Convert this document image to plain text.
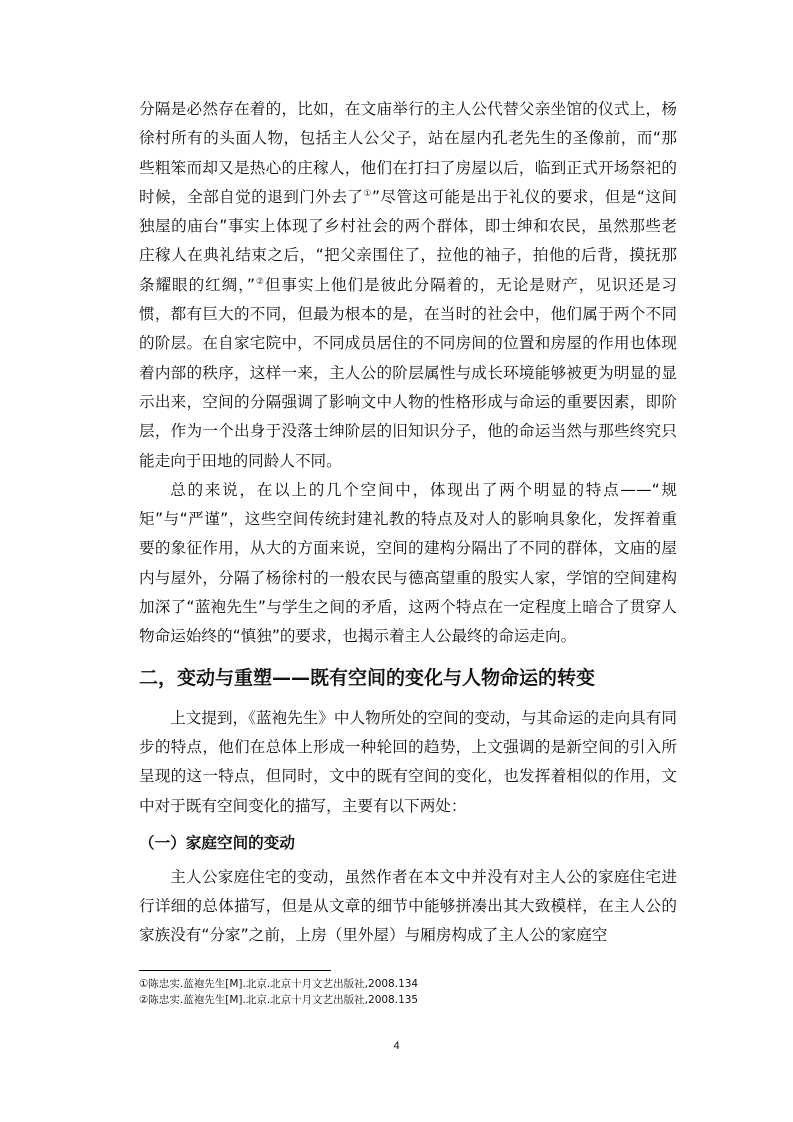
分隔是必然存在着的，比如，在文庙举行的主人公代替父亲坐馆的仪式上，杨徐村所有的头面人物，包括主人公父子，站在屋内孔老先生的圣像前，而“那些粗笨而却又是热心的庄稼人，他们在打扫了房屋以后，临到正式开场祭祀的时候，全部自觉的退到门外去了①”尽管这可能是出于礼仪的要求，但是“这间独屋的庙台”事实上体现了乡村社会的两个群体，即士绅和农民，虽然那些老庄稼人在典礼结束之后，“把父亲围住了，拉他的袖子，拍他的后背，摸抚那条耀眼的红绸，”②但事实上他们是彼此分隔着的，无论是财产，见识还是习惯，都有巨大的不同，但最为根本的是，在当时的社会中，他们属于两个不同的阶层。在自家宅院中，不同成员居住的不同房间的位置和房屋的作用也体现着内部的秩序，这样一来，主人公的阶层属性与成长环境能够被更为明显的显示出来，空间的分隔强调了影响文中人物的性格形成与命运的重要因素，即阶层，作为一个出身于没落士绅阶层的旧知识分子，他的命运当然与那些终究只能走向于田地的同龄人不同。

总的来说，在以上的几个空间中，体现出了两个明显的特点——“规矩”与“严谨”，这些空间传统封建礼教的特点及对人的影响具象化，发挥着重要的象征作用，从大的方面来说，空间的建构分隔出了不同的群体，文庙的屋内与屋外，分隔了杨徐村的一般农民与德高望重的殷实人家，学馆的空间建构加深了“蓝袍先生”与学生之间的矛盾，这两个特点在一定程度上暗合了贯穿人物命运始终的“慎独”的要求，也揭示着主人公最终的命运走向。

二，变动与重塑——既有空间的变化与人物命运的转变

上文提到，《蓝袍先生》中人物所处的空间的变动，与其命运的走向具有同步的特点，他们在总体上形成一种轮回的趋势，上文强调的是新空间的引入所呈现的这一特点，但同时，文中的既有空间的变化，也发挥着相似的作用，文中对于既有空间变化的描写，主要有以下两处：

（一）家庭空间的变动

主人公家庭住宅的变动，虽然作者在本文中并没有对主人公的家庭住宅进行详细的总体描写，但是从文章的细节中能够拼凑出其大致模样，在主人公的家族没有“分家”之前，上房（里外屋）与厢房构成了主人公的家庭空

①陈忠实.蓝袍先生[M].北京.北京十月文艺出版社,2008.134
②陈忠实.蓝袍先生[M].北京.北京十月文艺出版社,2008.135
4
